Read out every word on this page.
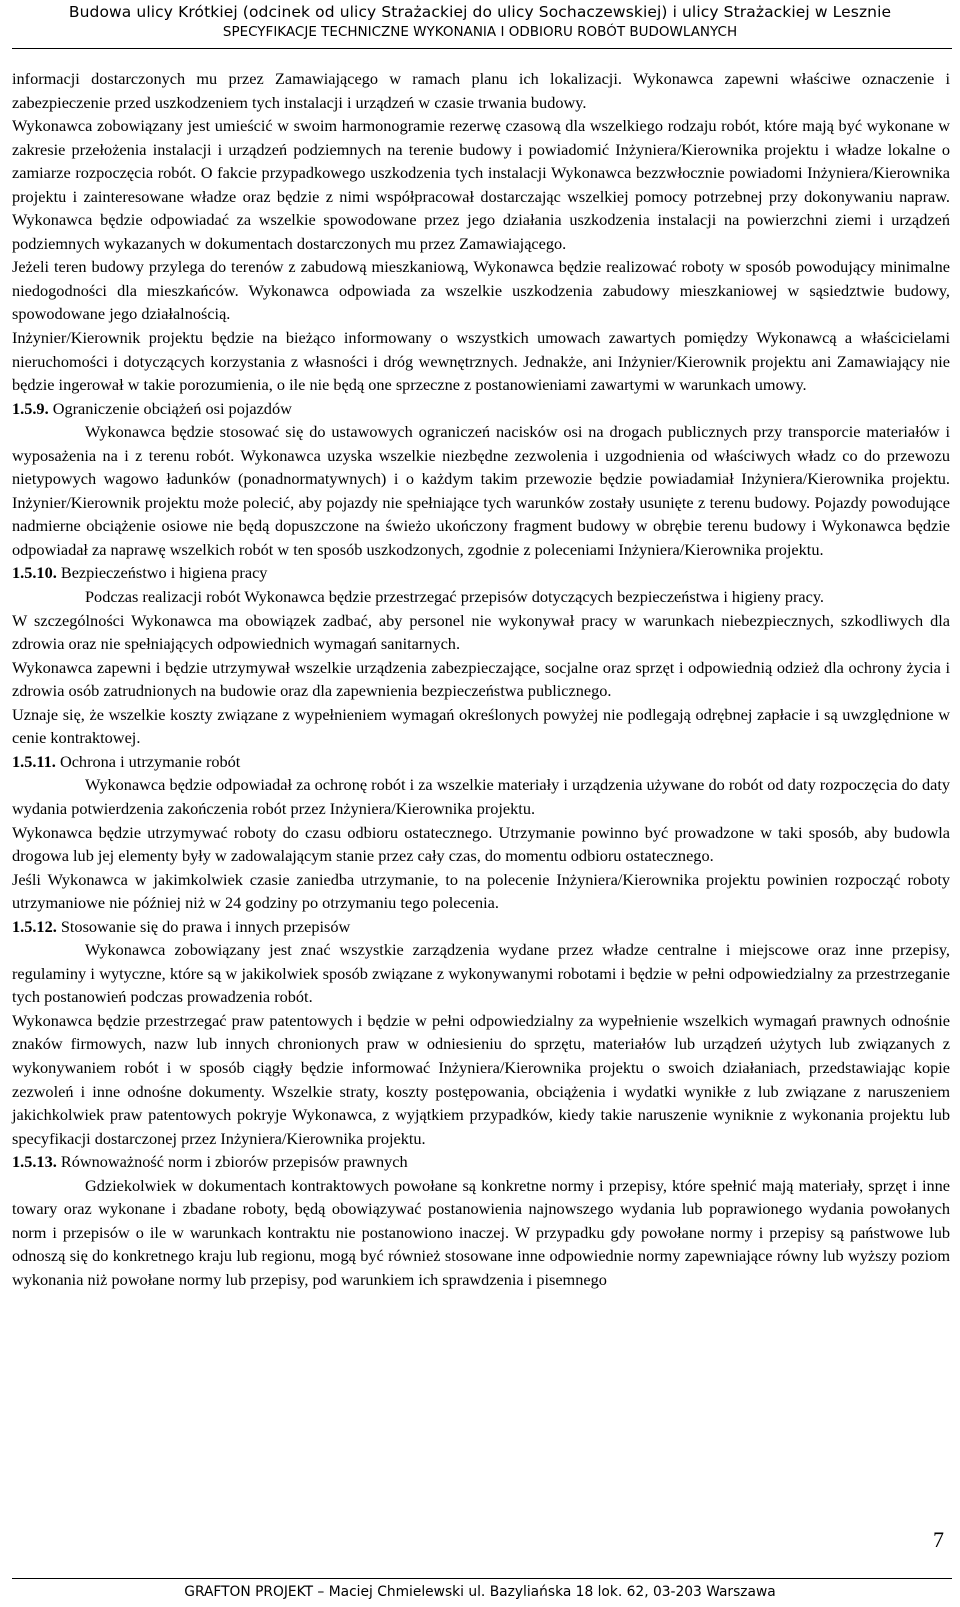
Budowa ulicy Krótkiej (odcinek od ulicy Strażackiej do ulicy Sochaczewskiej) i ulicy Strażackiej w Lesznie
SPECYFIKACJE TECHNICZNE WYKONANIA I ODBIORU ROBÓT BUDOWLANYCH

informacji dostarczonych mu przez Zamawiającego w ramach planu ich lokalizacji. Wykonawca zapewni właściwe oznaczenie i zabezpieczenie przed uszkodzeniem tych instalacji i urządzeń w czasie trwania budowy.

Wykonawca zobowiązany jest umieścić w swoim harmonogramie rezerwę czasową dla wszelkiego rodzaju robót, które mają być wykonane w zakresie przełożenia instalacji i urządzeń podziemnych na terenie budowy i powiadomić Inżyniera/Kierownika projektu i władze lokalne o zamiarze rozpoczęcia robót. O fakcie przypadkowego uszkodzenia tych instalacji Wykonawca bezzwłocznie powiadomi Inżyniera/Kierownika projektu i zainteresowane władze oraz będzie z nimi współpracował dostarczając wszelkiej pomocy potrzebnej przy dokonywaniu napraw. Wykonawca będzie odpowiadać za wszelkie spowodowane przez jego działania uszkodzenia instalacji na powierzchni ziemi i urządzeń podziemnych wykazanych w dokumentach dostarczonych mu przez Zamawiającego.

Jeżeli teren budowy przylega do terenów z zabudową mieszkaniową, Wykonawca będzie realizować roboty w sposób powodujący minimalne niedogodności dla mieszkańców. Wykonawca odpowiada za wszelkie uszkodzenia zabudowy mieszkaniowej w sąsiedztwie budowy, spowodowane jego działalnością.

Inżynier/Kierownik projektu będzie na bieżąco informowany o wszystkich umowach zawartych pomiędzy Wykonawcą a właścicielami nieruchomości i dotyczących korzystania z własności i dróg wewnętrznych. Jednakże, ani Inżynier/Kierownik projektu ani Zamawiający nie będzie ingerował w takie porozumienia, o ile nie będą one sprzeczne z postanowieniami zawartymi w warunkach umowy.

1.5.9. Ograniczenie obciążeń osi pojazdów

Wykonawca będzie stosować się do ustawowych ograniczeń nacisków osi na drogach publicznych przy transporcie materiałów i wyposażenia na i z terenu robót. Wykonawca uzyska wszelkie niezbędne zezwolenia i uzgodnienia od właściwych władz co do przewozu nietypowych wagowo ładunków (ponadnormatywnych) i o każdym takim przewozie będzie powiadamiał Inżyniera/Kierownika projektu. Inżynier/Kierownik projektu może polecić, aby pojazdy nie spełniające tych warunków zostały usunięte z terenu budowy. Pojazdy powodujące nadmierne obciążenie osiowe nie będą dopuszczone na świeżo ukończony fragment budowy w obrębie terenu budowy i Wykonawca będzie odpowiadał za naprawę wszelkich robót w ten sposób uszkodzonych, zgodnie z poleceniami Inżyniera/Kierownika projektu.

1.5.10. Bezpieczeństwo i higiena pracy

Podczas realizacji robót Wykonawca będzie przestrzegać przepisów dotyczących bezpieczeństwa i higieny pracy.

W szczególności Wykonawca ma obowiązek zadbać, aby personel nie wykonywał pracy w warunkach niebezpiecznych, szkodliwych dla zdrowia oraz nie spełniających odpowiednich wymagań sanitarnych.

Wykonawca zapewni i będzie utrzymywał wszelkie urządzenia zabezpieczające, socjalne oraz sprzęt i odpowiednią odzież dla ochrony życia i zdrowia osób zatrudnionych na budowie oraz dla zapewnienia bezpieczeństwa publicznego.

Uznaje się, że wszelkie koszty związane z wypełnieniem wymagań określonych powyżej nie podlegają odrębnej zapłacie i są uwzględnione w cenie kontraktowej.

1.5.11. Ochrona i utrzymanie robót

Wykonawca będzie odpowiadał za ochronę robót i za wszelkie materiały i urządzenia używane do robót od daty rozpoczęcia do daty wydania potwierdzenia zakończenia robót przez Inżyniera/Kierownika projektu.

Wykonawca będzie utrzymywać roboty do czasu odbioru ostatecznego. Utrzymanie powinno być prowadzone w taki sposób, aby budowla drogowa lub jej elementy były w zadowalającym stanie przez cały czas, do momentu odbioru ostatecznego.

Jeśli Wykonawca w jakimkolwiek czasie zaniedba utrzymanie, to na polecenie Inżyniera/Kierownika projektu powinien rozpocząć roboty utrzymaniowe nie później niż w 24 godziny po otrzymaniu tego polecenia.

1.5.12. Stosowanie się do prawa i innych przepisów

Wykonawca zobowiązany jest znać wszystkie zarządzenia wydane przez władze centralne i miejscowe oraz inne przepisy, regulaminy i wytyczne, które są w jakikolwiek sposób związane z wykonywanymi robotami i będzie w pełni odpowiedzialny za przestrzeganie tych postanowień podczas prowadzenia robót.

Wykonawca będzie przestrzegać praw patentowych i będzie w pełni odpowiedzialny za wypełnienie wszelkich wymagań prawnych odnośnie znaków firmowych, nazw lub innych chronionych praw w odniesieniu do sprzętu, materiałów lub urządzeń użytych lub związanych z wykonywaniem robót i w sposób ciągły będzie informować Inżyniera/Kierownika projektu o swoich działaniach, przedstawiając kopie zezwoleń i inne odnośne dokumenty. Wszelkie straty, koszty postępowania, obciążenia i wydatki wynikłe z lub związane z naruszeniem jakichkolwiek praw patentowych pokryje Wykonawca, z wyjątkiem przypadków, kiedy takie naruszenie wyniknie z wykonania projektu lub specyfikacji dostarczonej przez Inżyniera/Kierownika projektu.

1.5.13. Równoważność norm i zbiorów przepisów prawnych

Gdziekolwiek w dokumentach kontraktowych powołane są konkretne normy i przepisy, które spełnić mają materiały, sprzęt i inne towary oraz wykonane i zbadane roboty, będą obowiązywać postanowienia najnowszego wydania lub poprawionego wydania powołanych norm i przepisów o ile w warunkach kontraktu nie postanowiono inaczej. W przypadku gdy powołane normy i przepisy są państwowe lub odnoszą się do konkretnego kraju lub regionu, mogą być również stosowane inne odpowiednie normy zapewniające równy lub wyższy poziom wykonania niż powołane normy lub przepisy, pod warunkiem ich sprawdzenia i pisemnego

7
GRAFTON PROJEKT – Maciej Chmielewski ul. Bazyliańska 18 lok. 62, 03-203 Warszawa
